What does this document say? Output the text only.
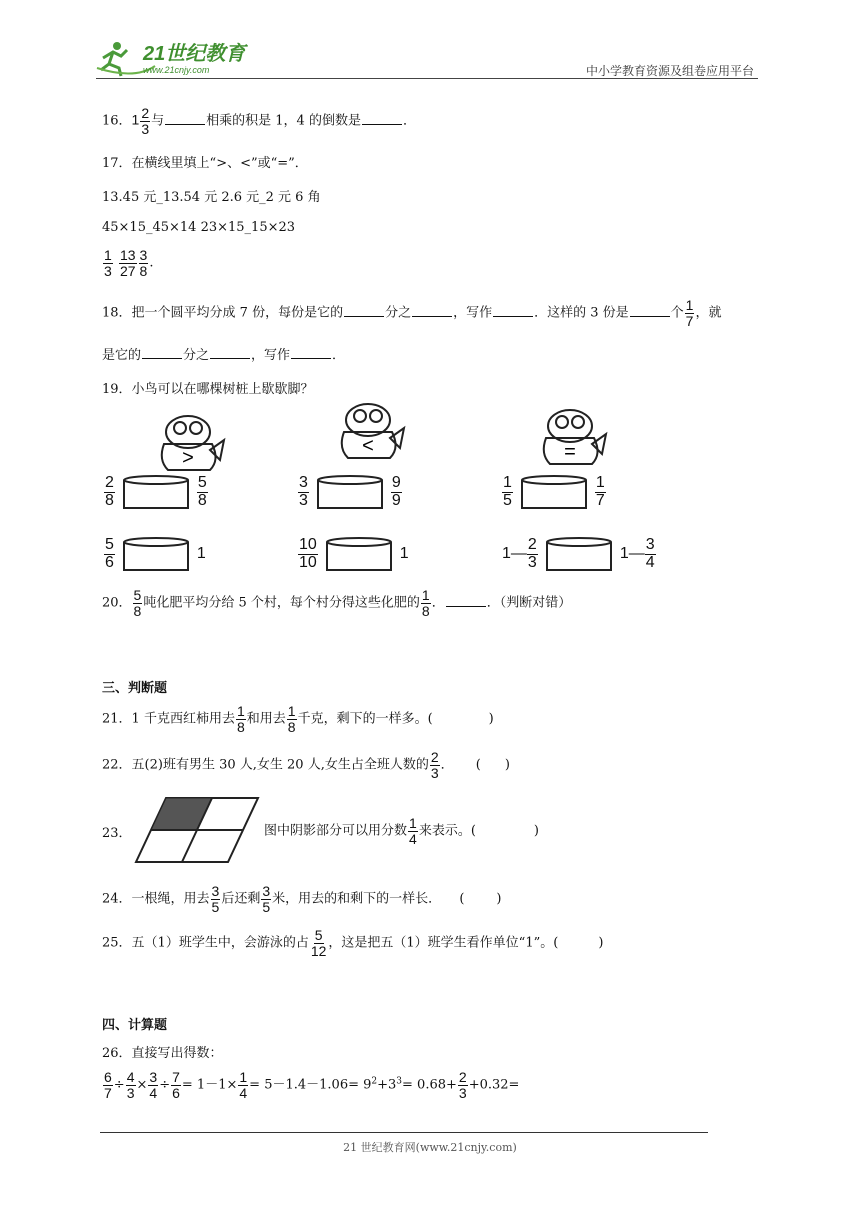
21世纪教育
www.21cnjy.com	中小学教育资源及组卷应用平台
16．$1 \frac{2}{3}$ 与	相乘的积是 1，4 的倒数是	．
17．在横线里填上“>、<”或“=”．
13.45 元_13.54 元 2.6 元_2 元 6 角
45×15_45×14 23×15_15×23
$\frac{1}{3}$
$\frac{13}{27} \frac{3}{8}$ .
18．把一个圆平均分成 7 份，每份是它的	分之	，写作	．这样的 3 份是	个 $\frac{1}{7}$ ，就
是它的	分之	，写作	．
19．小鸟可以在哪棵树桩上歇歇脚？
>
<	=
$\frac{2}{8}$	$\frac{5}{8}$	$\frac{3}{3}$	$\frac{9}{9}$	$\frac{1}{5}$	$\frac{1}{7}$
$\frac{5}{6}$	1	$\frac{10}{10}$	1	1— $\frac{2}{3}$	1— $\frac{3}{4}$
20． $\frac{5}{8}$ 吨化肥平均分给 5 个村，每个村分得这些化肥的 $\frac{1}{8}$ ．	．（判断对错）
三、判断题
21．1 千克西红柿用去 $\frac{1}{8}$ 和用去 $\frac{1}{8}$ 千克，剩下的一样多。(	)
22．五(2)班有男生 30 人,女生 20 人,女生占全班人数的 $\frac{2}{3}$ ． ( )
23．	图中阴影部分可以用分数 $\frac{1}{4}$ 来表示。(	)
24．一根绳，用去 $\frac{3}{5}$ 后还剩 $\frac{3}{5}$ 米，用去的和剩下的一样长． ( )
25．五（1）班学生中，会游泳的占 $\frac{5}{12}$ ，这是把五（1）班学生看作单位“1”。(	)
四、计算题
26．直接写出得数：
$\frac{6}{7} \div \frac{4}{3} \times \frac{3}{4} \div \frac{7}{6} = 1-1\times \frac{1}{4} = 5-1.4-1.06= 9^2+3^3= 0.68+ \frac{2}{3} +0.32=$
21 世纪教育网(www.21cnjy.com)
